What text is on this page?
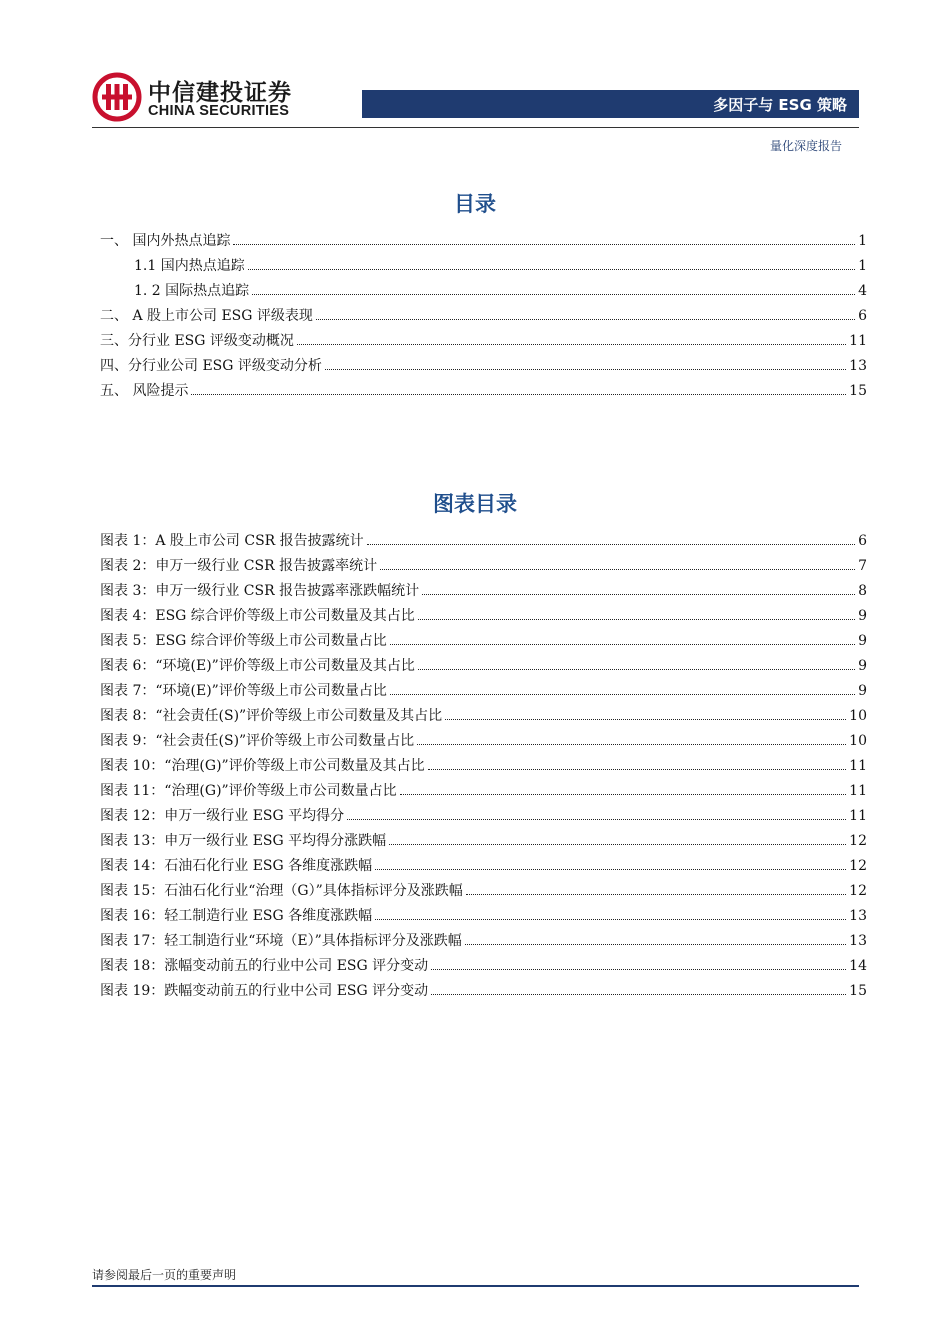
中信建投证券
CHINA SECURITIES	多因子与 ESG 策略
量化深度报告
目录
一、 国内外热点追踪	1
1.1 国内热点追踪	1
1. 2 国际热点追踪	4
二、 A 股上市公司 ESG 评级表现	6
三、分行业 ESG 评级变动概况	11
四、分行业公司 ESG 评级变动分析	13
五、 风险提示	15
图表目录
图表 1：A 股上市公司 CSR 报告披露统计	6
图表 2：申万一级行业 CSR 报告披露率统计	7
图表 3：申万一级行业 CSR 报告披露率涨跌幅统计	8
图表 4：ESG 综合评价等级上市公司数量及其占比	9
图表 5：ESG 综合评价等级上市公司数量占比	9
图表 6：“环境(E)”评价等级上市公司数量及其占比	9
图表 7：“环境(E)”评价等级上市公司数量占比	9
图表 8：“社会责任(S)”评价等级上市公司数量及其占比	10
图表 9：“社会责任(S)”评价等级上市公司数量占比	10
图表 10：“治理(G)”评价等级上市公司数量及其占比	11
图表 11：“治理(G)”评价等级上市公司数量占比	11
图表 12：申万一级行业 ESG 平均得分	11
图表 13：申万一级行业 ESG 平均得分涨跌幅	12
图表 14：石油石化行业 ESG 各维度涨跌幅	12
图表 15：石油石化行业“治理（G）”具体指标评分及涨跌幅	12
图表 16：轻工制造行业 ESG 各维度涨跌幅	13
图表 17：轻工制造行业“环境（E）”具体指标评分及涨跌幅	13
图表 18：涨幅变动前五的行业中公司 ESG 评分变动	14
图表 19：跌幅变动前五的行业中公司 ESG 评分变动	15
请参阅最后一页的重要声明
